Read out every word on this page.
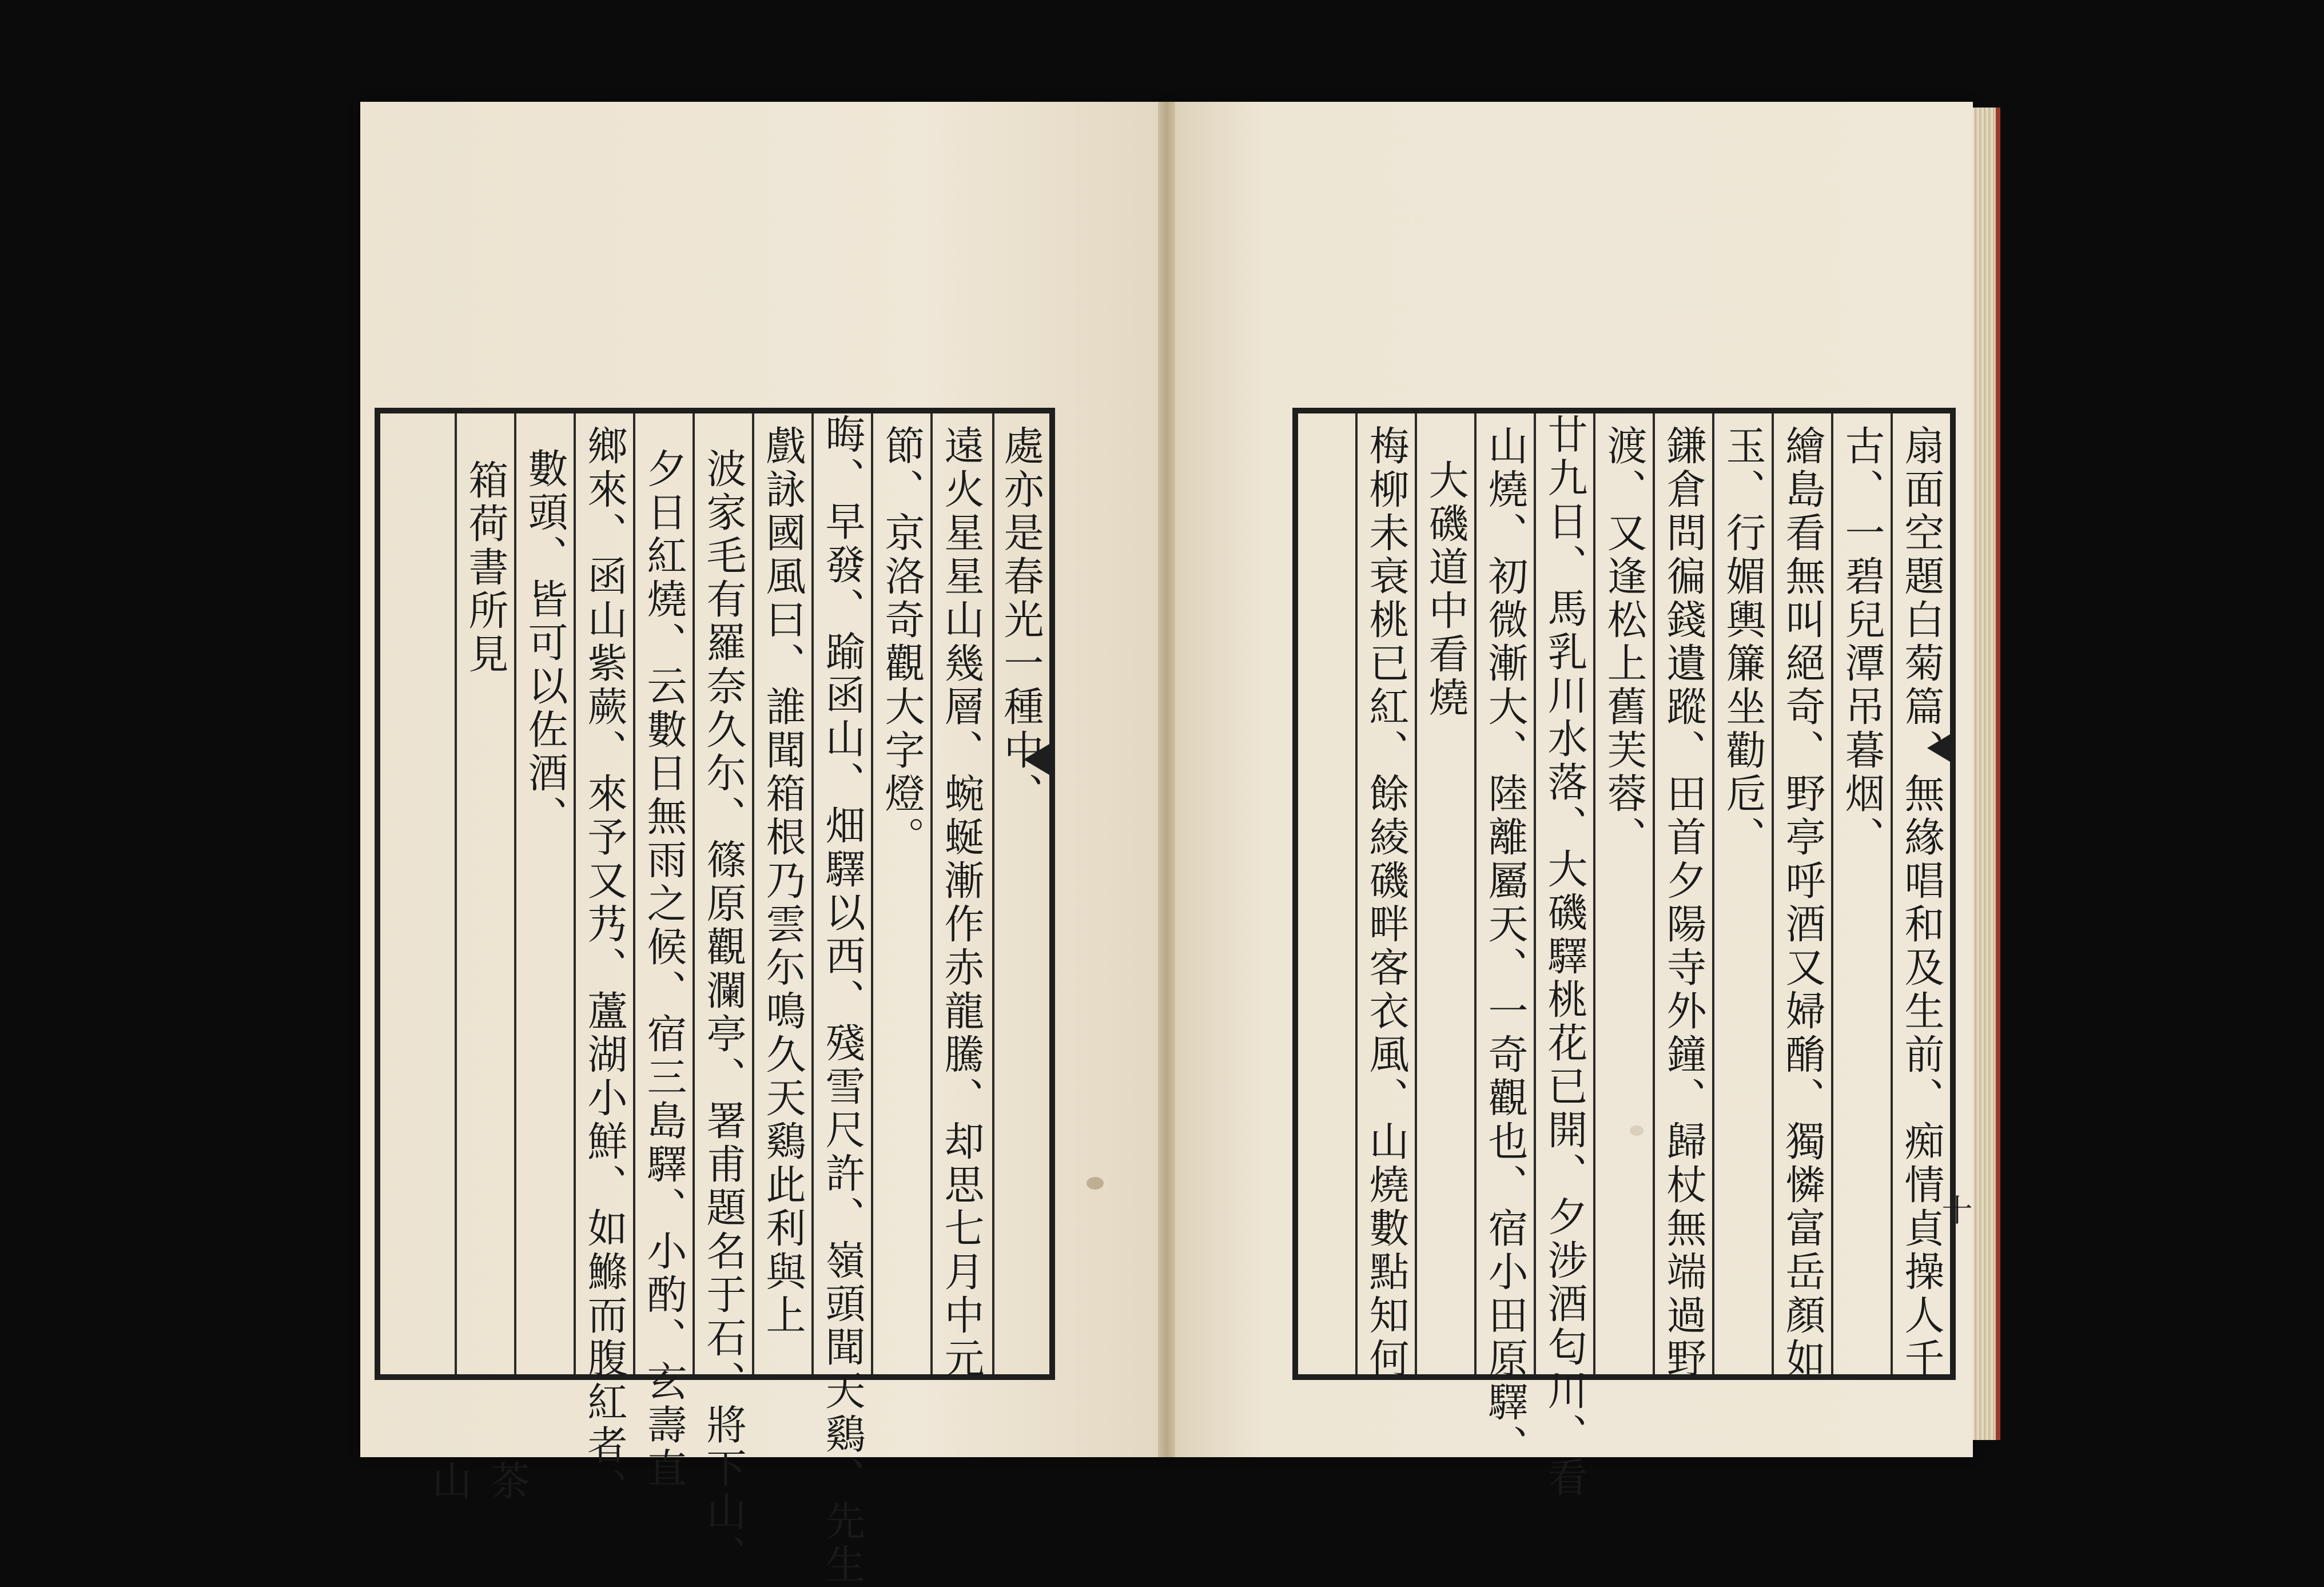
處亦是春光一種中、
遠火星星山幾層、蜿蜒漸作赤龍騰、却思七月中元
節、京洛奇觀大字燈。
晦、早發、踰函山、畑驛以西、殘雪尺許、嶺頭聞天鷄、先生
戲詠國風曰、誰聞箱根乃雲尓鳴久天鷄此利與上
波家毛有羅奈久尓、篠原觀瀾亭、署甫題名于石、將下山、
夕日紅燒、云數日無雨之候、宿三島驛、小酌、玄壽直
鄉來、函山紫蕨、來予又艿、蘆湖小鮮、如鰷而腹紅者、
數頭、皆可以佐酒、
箱荷書所見
茶山
扇面空題白菊篇、無緣唱和及生前、痴情貞操人千
古、一碧兒潭吊暮烟、
繪島看無叫絕奇、野亭呼酒又婦酳、獨憐富岳顏如
玉、行媚輿簾坐勸卮、
鎌倉問徧錢遺蹤、田首夕陽寺外鐘、歸杖無端過野
渡、又逢松上舊芙蓉、
廿九日、馬乳川水落、大磯驛桃花已開、夕涉酒匂川、看
山燒、初微漸大、陸離屬天、一奇觀也、宿小田原驛、
大磯道中看燒
梅柳未衰桃已紅、餘綾磯畔客衣風、山燒數點知何	十
